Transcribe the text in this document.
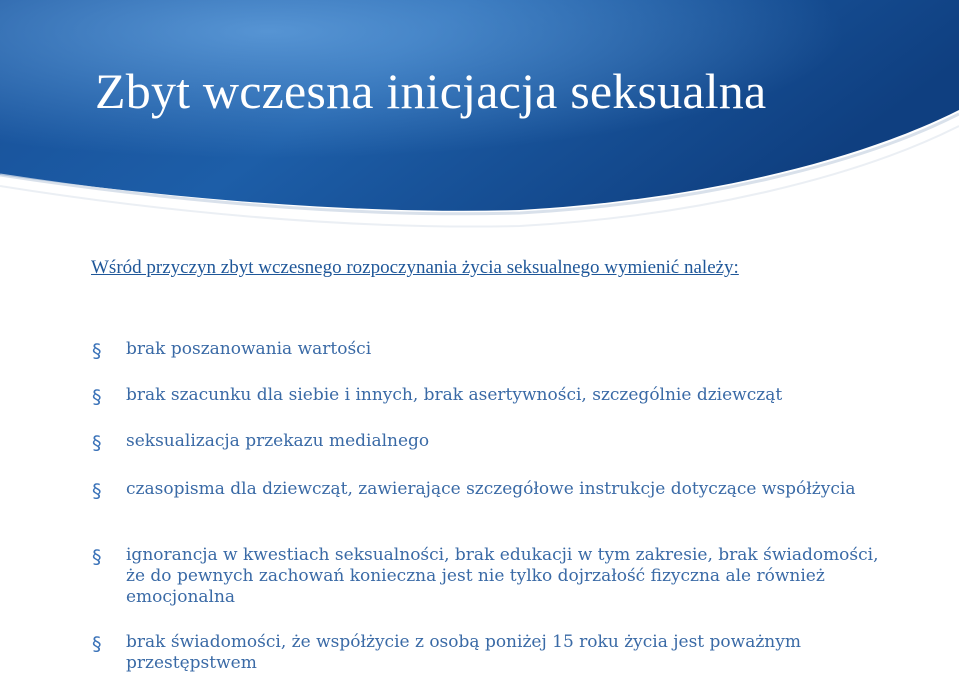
Zbyt wczesna inicjacja seksualna
Wśród przyczyn zbyt wczesnego rozpoczynania życia seksualnego wymienić należy:
§	brak poszanowania wartości
§	brak szacunku dla siebie i innych, brak asertywności, szczególnie dziewcząt
§	seksualizacja przekazu medialnego
§	czasopisma dla dziewcząt, zawierające szczegółowe instrukcje dotyczące współżycia
§	ignorancja w kwestiach seksualności, brak edukacji w tym zakresie, brak świadomości, że do pewnych zachowań konieczna jest nie tylko dojrzałość fizyczna ale również emocjonalna
§	brak świadomości, że współżycie z osobą poniżej 15 roku życia jest poważnym przestępstwem
